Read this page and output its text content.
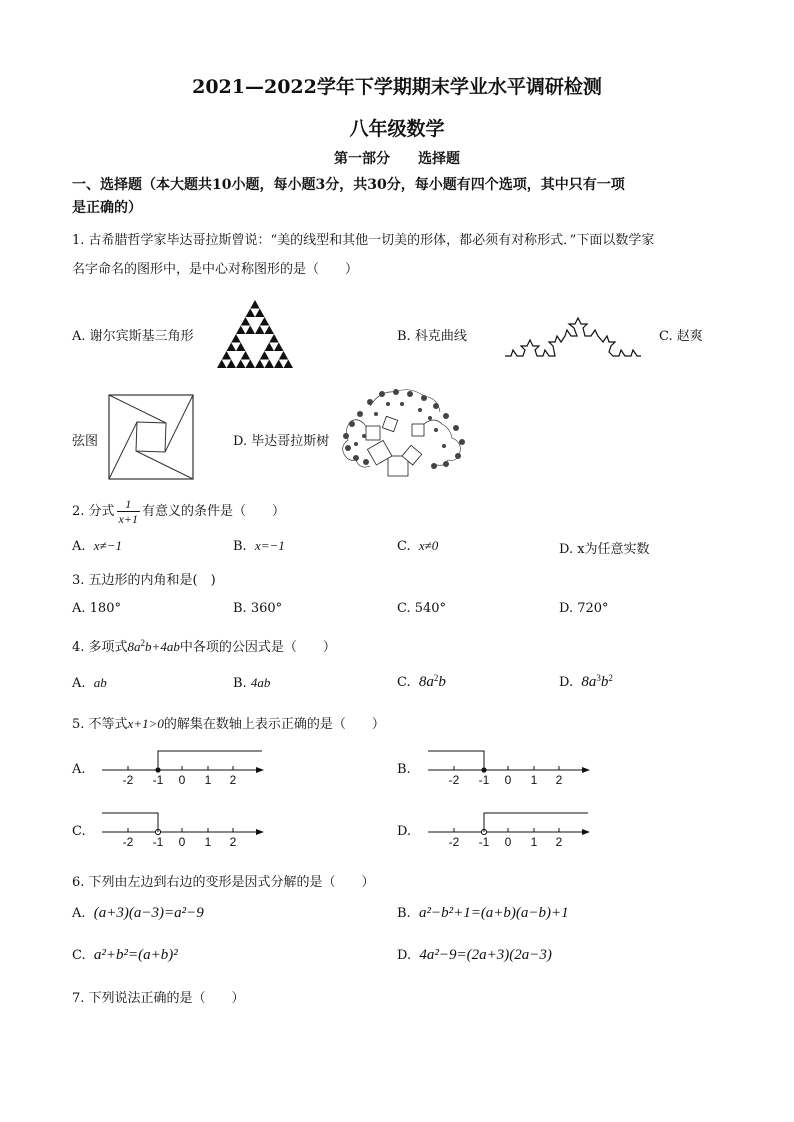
2021—2022学年下学期期末学业水平调研检测
八年级数学
第一部分　　选择题
一、选择题（本大题共10小题，每小题3分，共30分，每小题有四个选项，其中只有一项
是正确的）
1. 古希腊哲学家毕达哥拉斯曾说：“美的线型和其他一切美的形体，都必须有对称形式．”下面以数学家
名字命名的图形中，是中心对称图形的是（　　）
A. 谢尔宾斯基三角形	B. 科克曲线	C. 赵爽
弦图	D. 毕达哥拉斯树
2. 分式 $\frac{1}{x+1}$ 有意义的条件是（　　）
A. x≠−1	B. x=−1	C. x≠0	D. x为任意实数
3. 五边形的内角和是(　)
A. 180°	B. 360°	C. 540°	D. 720°
4. 多项式$8a^2b+4ab$中各项的公因式是（　　）
A. ab	B. 4ab	C. $8a^2b$	D. $8a^3b^2$
5. 不等式x+1>0的解集在数轴上表示正确的是（　　）
A.
-2 -1 0 1 2
B.
-2 -1 0 1 2
C.
-2 -1 0 1 2
D.
-2 -1 0 1 2
6. 下列由左边到右边的变形是因式分解的是（　　）
A. (a+3)(a−3)=a²−9	B. a²−b²+1=(a+b)(a−b)+1
C. a²+b²=(a+b)²	D. 4a²−9=(2a+3)(2a−3)
7. 下列说法正确的是（　　）
